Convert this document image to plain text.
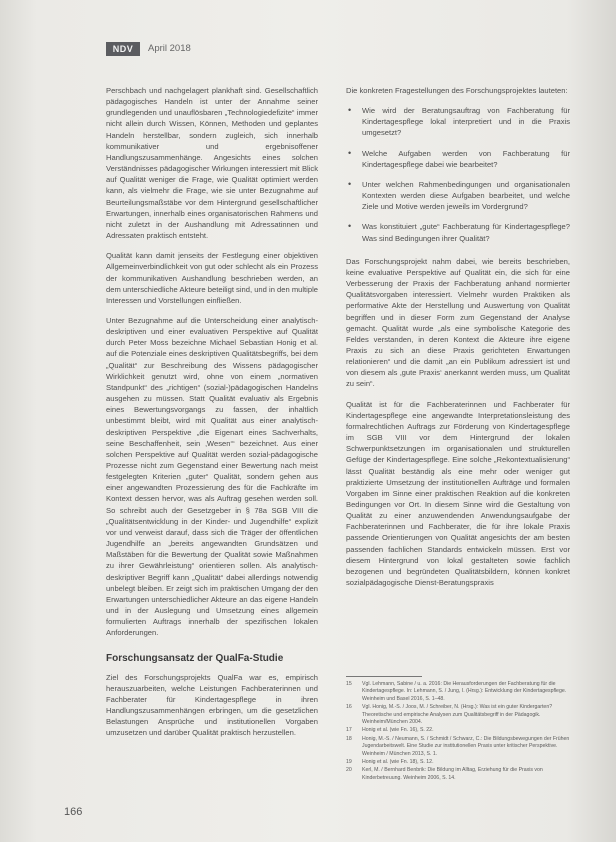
NDV	April 2018

Perschbach und nachgelagert plankhaft sind. Gesellschaftlich pädagogisches Handeln ist unter der Annahme seiner grundlegenden und unauflösbaren „Technologiedefizite“ immer nicht allein durch Wissen, Können, Methoden und geplantes Handeln herstellbar, sondern zugleich, sich innerhalb kommunikativer und ergebnisoffener Handlungszusammenhänge. Angesichts eines solchen Verständnisses pädagogischer Wirkungen interessiert mit Blick auf Qualität weniger die Frage, wie Qualität optimiert werden kann, als vielmehr die Frage, wie sie unter Bezugnahme auf Beurteilungsmaßstäbe vor dem Hintergrund gesellschaftlicher Erwartungen, innerhalb eines organisatorischen Rahmens und nicht zuletzt in der Aushandlung mit Adressatinnen und Adressaten praktisch entsteht.

Qualität kann damit jenseits der Festlegung einer objektiven Allgemeinverbindlichkeit von gut oder schlecht als ein Prozess der kommunikativen Aushandlung beschrieben werden, an dem unterschiedliche Akteure beteiligt sind, und in den multiple Interessen und Vorstellungen einfließen.

Unter Bezugnahme auf die Unterscheidung einer analytisch-deskriptiven und einer evaluativen Perspektive auf Qualität durch Peter Moss bezeichne Michael Sebastian Honig et al. auf die Potenziale eines deskriptiven Qualitätsbegriffs, bei dem „Qualität“ zur Beschreibung des Wissens pädagogischer Wirklichkeit genutzt wird, ohne von einem „normativen Standpunkt“ des „richtigen“ (sozial-)pädagogischen Handelns ausgehen zu müssen. Statt Qualität evaluativ als Ergebnis eines Bewertungsvorgangs zu fassen, der inhaltlich unbestimmt bleibt, wird mit Qualität aus einer analytisch-deskriptiven Perspektive „die Eigenart eines Sachverhalts, seine Beschaffenheit, sein ‚Wesen‘“ bezeichnet. Aus einer solchen Perspektive auf Qualität werden sozial-pädagogische Prozesse nicht zum Gegenstand einer Bewertung nach meist festgelegten Kriterien „guter“ Qualität, sondern gehen aus einer angewandten Prozessierung des für die Fachkräfte im Kontext dessen hervor, was als Auftrag gesehen werden soll. So schreibt auch der Gesetzgeber in § 78a SGB VIII die „Qualitätsentwicklung in der Kinder- und Jugendhilfe“ explizit vor und verweist darauf, dass sich die Träger der öffentlichen Jugendhilfe an „bereits angewandten Grundsätzen und Maßstäben für die Bewertung der Qualität sowie Maßnahmen zu ihrer Gewährleistung“ orientieren sollen. Als analytisch-deskriptiver Begriff kann „Qualität“ dabei allerdings notwendig unbelegt bleiben. Er zeigt sich im praktischen Umgang der den Erwartungen unterschiedlicher Akteure an das eigene Handeln und in der Auslegung und Umsetzung eines allgemein formulierten Auftrags innerhalb der spezifischen lokalen Anforderungen.

Forschungsansatz der QualFa-Studie

Ziel des Forschungsprojekts QualFa war es, empirisch herauszuarbeiten, welche Leistungen Fachberaterinnen und Fachberater für Kindertagespflege in ihren Handlungszusammenhängen erbringen, um die gesetzlichen Belastungen Ansprüche und institutionellen Vorgaben umzusetzen und darüber Qualität praktisch herzustellen.

Die konkreten Fragestellungen des Forschungsprojektes lauteten:

• Wie wird der Beratungsauftrag von Fachberatung für Kindertagespflege lokal interpretiert und in die Praxis umgesetzt?
• Welche Aufgaben werden von Fachberatung für Kindertagespflege dabei wie bearbeitet?
• Unter welchen Rahmenbedingungen und organisationalen Kontexten werden diese Aufgaben bearbeitet, und welche Ziele und Motive werden jeweils im Vordergrund?
• Was konstituiert „gute“ Fachberatung für Kindertagespflege? Was sind Bedingungen ihrer Qualität?

Das Forschungsprojekt nahm dabei, wie bereits beschrieben, keine evaluative Perspektive auf Qualität ein, die sich für eine Verbesserung der Praxis der Fachberatung anhand normierter Qualitätsvorgaben interessiert. Vielmehr wurden Praktiken als performative Akte der Herstellung und Auswertung von Qualität begriffen und in dieser Form zum Gegenstand der Analyse gemacht. Qualität wurde „als eine symbolische Kategorie des Feldes verstanden, in deren Kontext die Akteure ihre eigene Praxis zu sich an diese Praxis gerichteten Erwartungen relationieren“ und die damit „an ein Publikum adressiert ist und von diesem als ‚gute Praxis‘ anerkannt werden muss, um Qualität zu sein“.

Qualität ist für die Fachberaterinnen und Fachberater für Kindertagespflege eine angewandte Interpretationsleistung des formalrechtlichen Auftrags zur Förderung von Kindertagespflege im SGB VIII vor dem Hintergrund der lokalen Schwerpunktsetzungen im organisationalen und strukturellen Gefüge der Kindertagespflege. Eine solche „Rekontextualisierung“ lässt Qualität beständig als eine mehr oder weniger gut praktizierte Umsetzung der institutionellen Aufträge und formalen Vorgaben im Sinne einer praktischen Reaktion auf die konkreten Bedingungen vor Ort. In diesem Sinne wird die Gestaltung von Qualität zu einer anzuwendenden Anwendungsaufgabe der Fachberaterinnen und Fachberater, die für ihre lokale Praxis passende Orientierungen von Qualität angesichts der am besten passenden fachlichen Standards entwickeln müssen. Erst vor diesem Hintergrund von lokal gestalteten sowie fachlich bezogenen und begründeten Qualitätsbildern, können konkret sozialpädagogische Dienst-Beratungspraxis

15	Vgl. Lehmann, Sabine / u. a. 2016: Die Herausforderungen der Fachberatung für die Kindertagespflege. In: Lehmann, S. / Jung, I. (Hrsg.): Entwicklung der Kindertagespflege. Weinheim und Basel 2016, S. 1–48.
16	Vgl. Honig, M.-S. / Joos, M. / Schreiber, N. (Hrsg.): Was ist ein guter Kindergarten? Theoretische und empirische Analysen zum Qualitätsbegriff in der Pädagogik. Weinheim/München 2004.
17	Honig et al. (wie Fn. 16), S. 22.
18	Honig, M.-S. / Neumann, S. / Schmidt / Schwarz, C.: Die Bildungsbewegungen der Frühen Jugendarbeitswelt. Eine Studie zur institutionellen Praxis unter kritischer Perspektive. Weinheim / München 2013, S. 1.
19	Honig et al. (wie Fn. 18), S. 12.
20	Kerl, M. / Bernhard Benbrik: Die Bildung im Alltag, Erziehung für die Praxis von Kinderbetreuung. Weinheim 2006, S. 14.
166
